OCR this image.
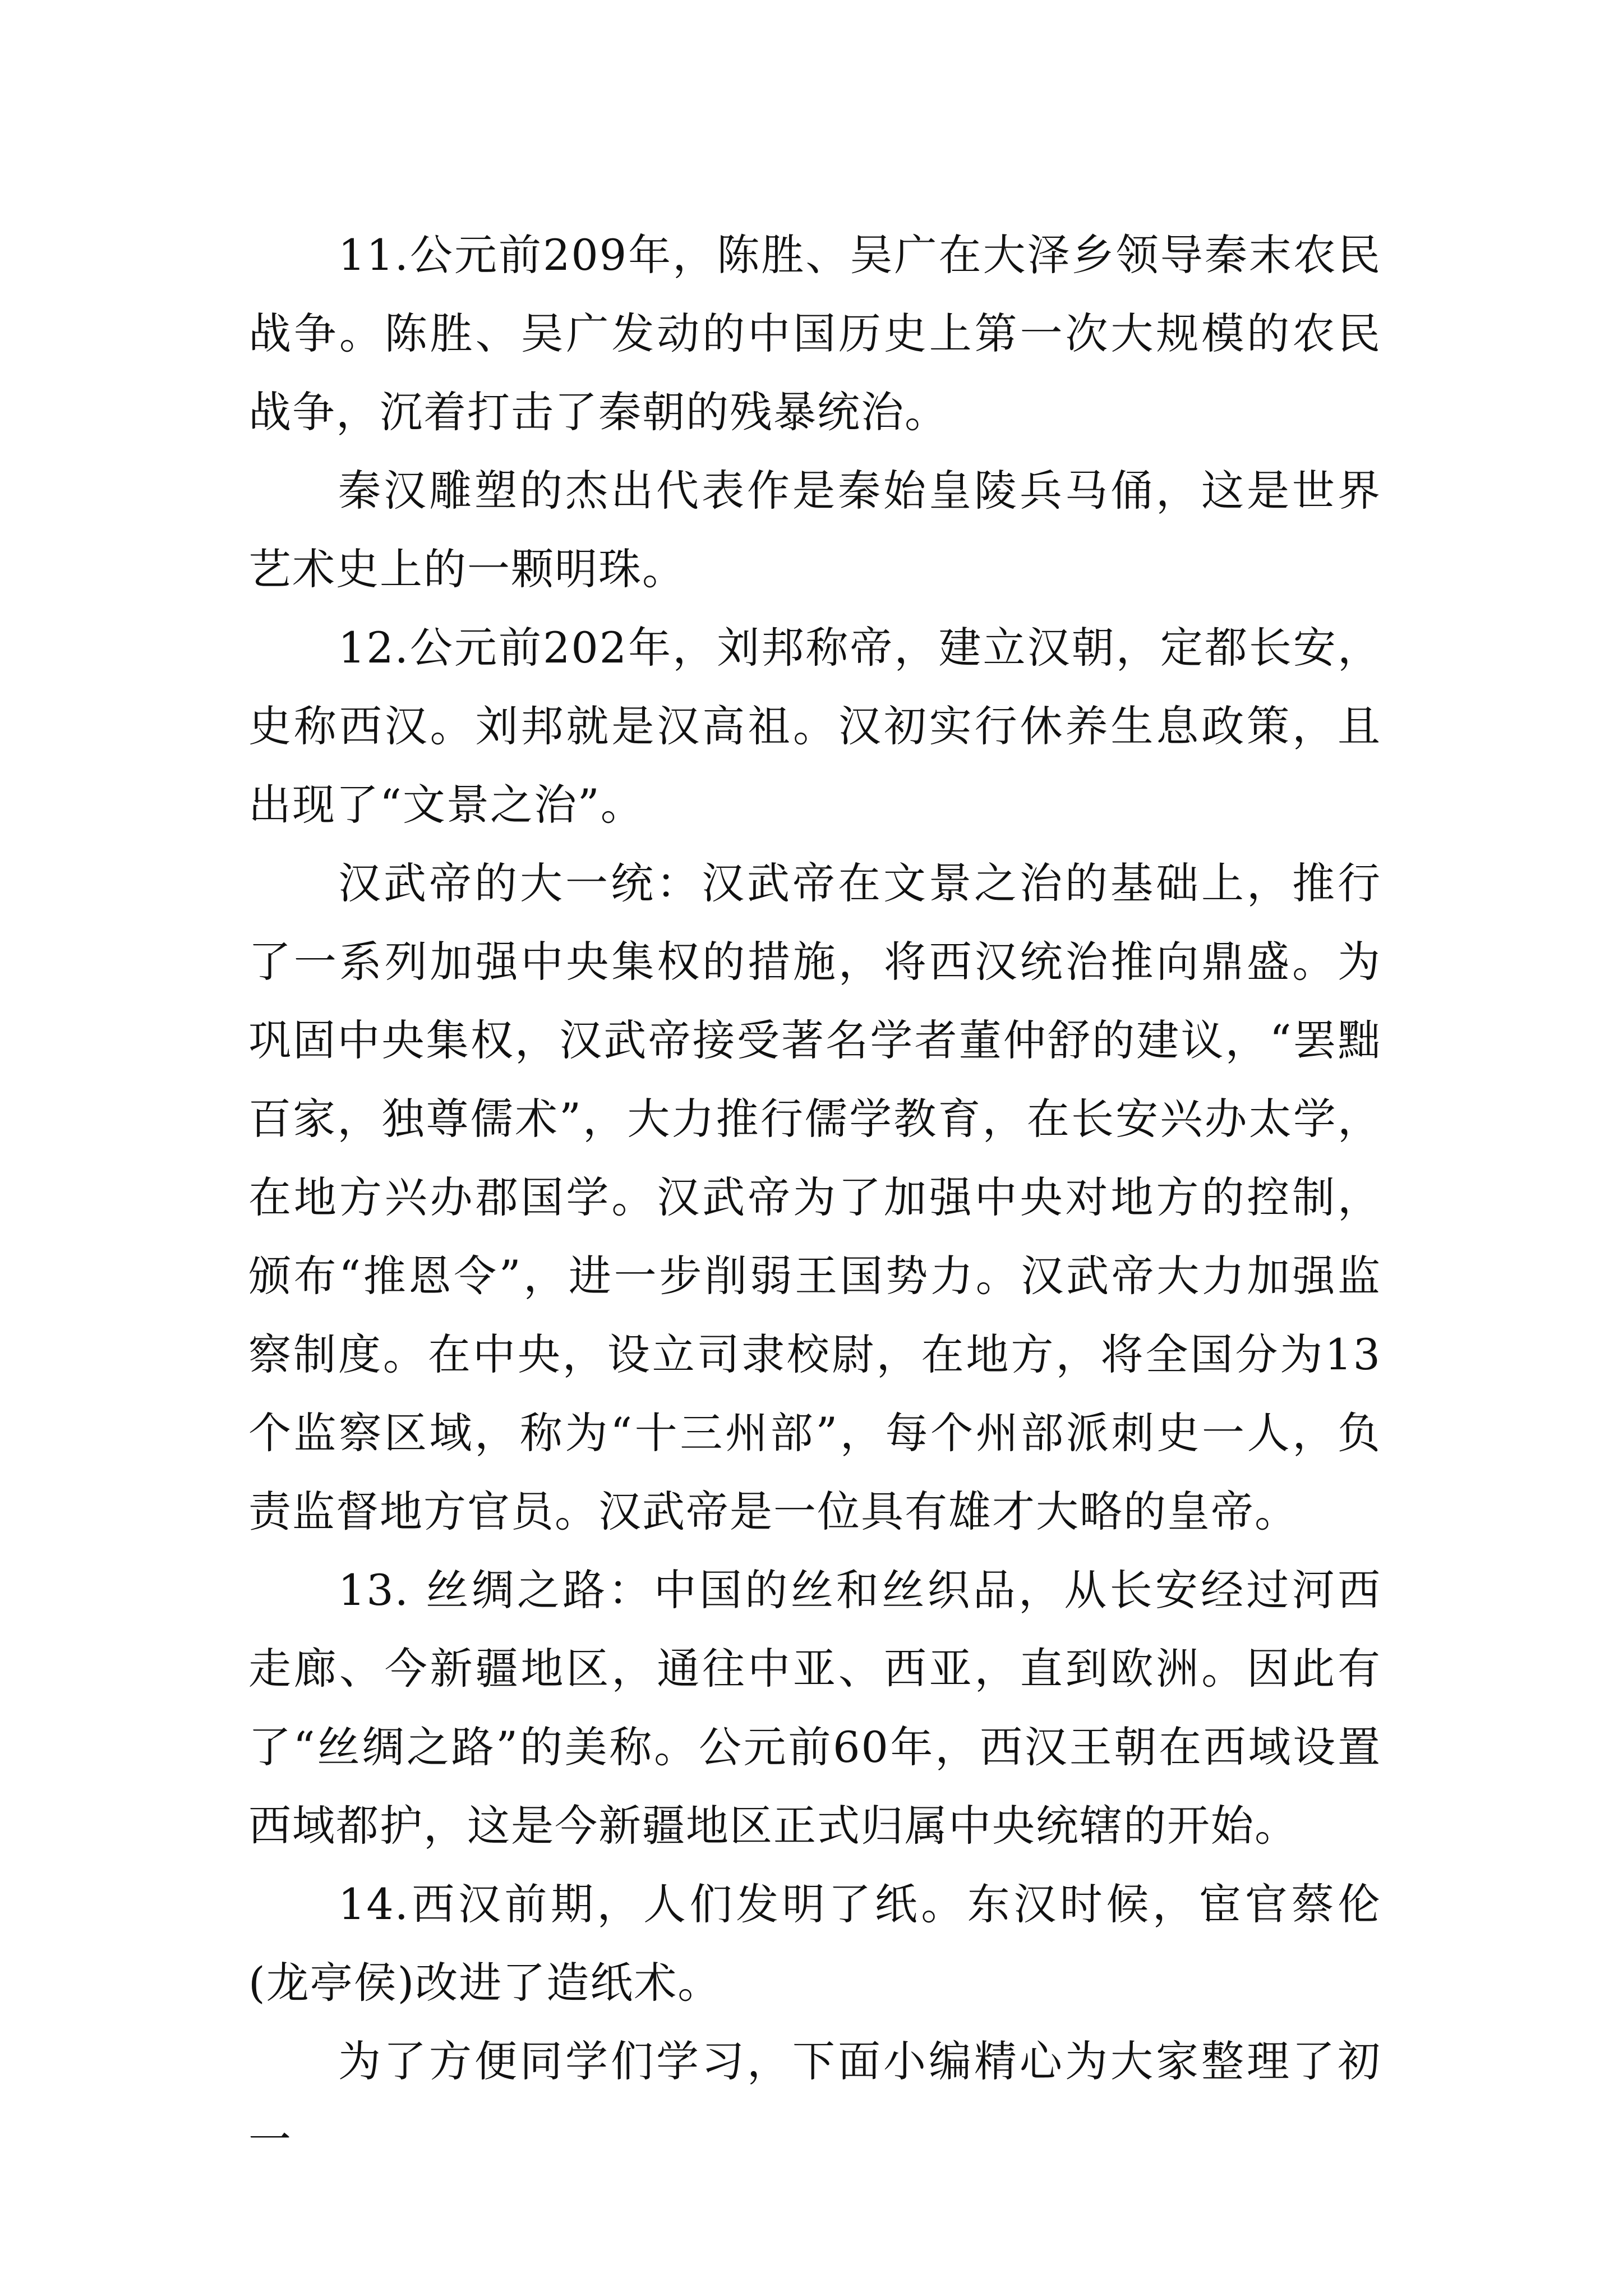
11.公元前209年，陈胜、吴广在大泽乡领导秦末农民战争。陈胜、吴广发动的中国历史上第一次大规模的农民战争，沉着打击了秦朝的残暴统治。

秦汉雕塑的杰出代表作是秦始皇陵兵马俑，这是世界艺术史上的一颗明珠。

12.公元前202年，刘邦称帝，建立汉朝，定都长安，史称西汉。刘邦就是汉高祖。汉初实行休养生息政策，且出现了“文景之治”。

汉武帝的大一统：汉武帝在文景之治的基础上，推行了一系列加强中央集权的措施，将西汉统治推向鼎盛。为巩固中央集权，汉武帝接受著名学者董仲舒的建议，“罢黜百家，独尊儒术”，大力推行儒学教育，在长安兴办太学，在地方兴办郡国学。汉武帝为了加强中央对地方的控制，颁布“推恩令”，进一步削弱王国势力。汉武帝大力加强监察制度。在中央，设立司隶校尉，在地方，将全国分为13个监察区域，称为“十三州部”，每个州部派刺史一人，负责监督地方官员。汉武帝是一位具有雄才大略的皇帝。

13. 丝绸之路：中国的丝和丝织品，从长安经过河西走廊、今新疆地区，通往中亚、西亚，直到欧洲。因此有了“丝绸之路”的美称。公元前60年，西汉王朝在西域设置西域都护，这是今新疆地区正式归属中央统辖的开始。

14.西汉前期，人们发明了纸。东汉时候，宦官蔡伦(龙亭侯)改进了造纸术。

为了方便同学们学习，下面小编精心为大家整理了初一
